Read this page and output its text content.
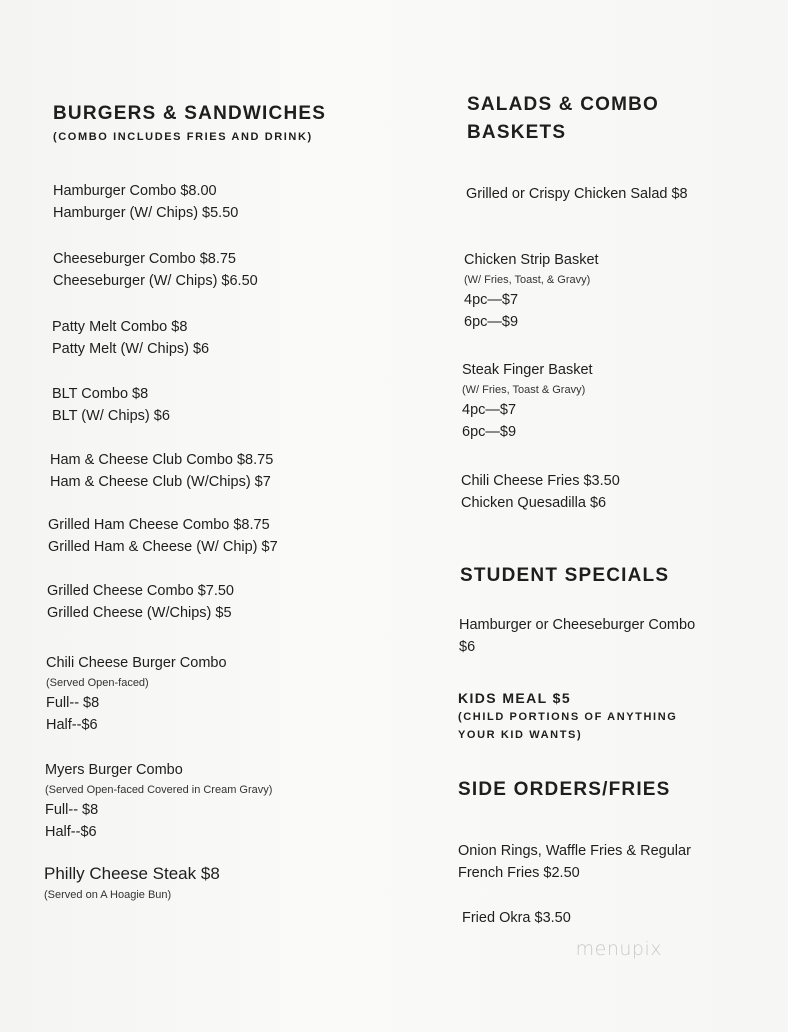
BURGERS & SANDWICHES
(COMBO INCLUDES FRIES AND DRINK)
Hamburger Combo $8.00
Hamburger (W/ Chips) $5.50
Cheeseburger Combo $8.75
Cheeseburger (W/ Chips) $6.50
Patty Melt Combo $8
Patty Melt (W/ Chips) $6
BLT Combo $8
BLT (W/ Chips) $6
Ham & Cheese Club Combo $8.75
Ham & Cheese Club (W/Chips) $7
Grilled Ham Cheese Combo $8.75
Grilled Ham & Cheese (W/ Chip) $7
Grilled Cheese Combo $7.50
Grilled Cheese (W/Chips) $5
Chili Cheese Burger Combo
(Served Open-faced)
Full-- $8
Half--$6
Myers Burger Combo
(Served Open-faced Covered in Cream Gravy)
Full-- $8
Half--$6
Philly Cheese Steak $8
(Served on A Hoagie Bun)
SALADS & COMBO
BASKETS
Grilled or Crispy Chicken Salad $8
Chicken Strip Basket
(W/ Fries, Toast, & Gravy)
4pc—$7
6pc—$9
Steak Finger Basket
(W/ Fries, Toast & Gravy)
4pc—$7
6pc—$9
Chili Cheese Fries $3.50
Chicken Quesadilla $6
STUDENT SPECIALS
Hamburger or Cheeseburger Combo
$6
KIDS MEAL $5
(CHILD PORTIONS OF ANYTHING
YOUR KID WANTS)
SIDE ORDERS/FRIES
Onion Rings, Waffle Fries & Regular
French Fries $2.50
Fried Okra $3.50
menupix
